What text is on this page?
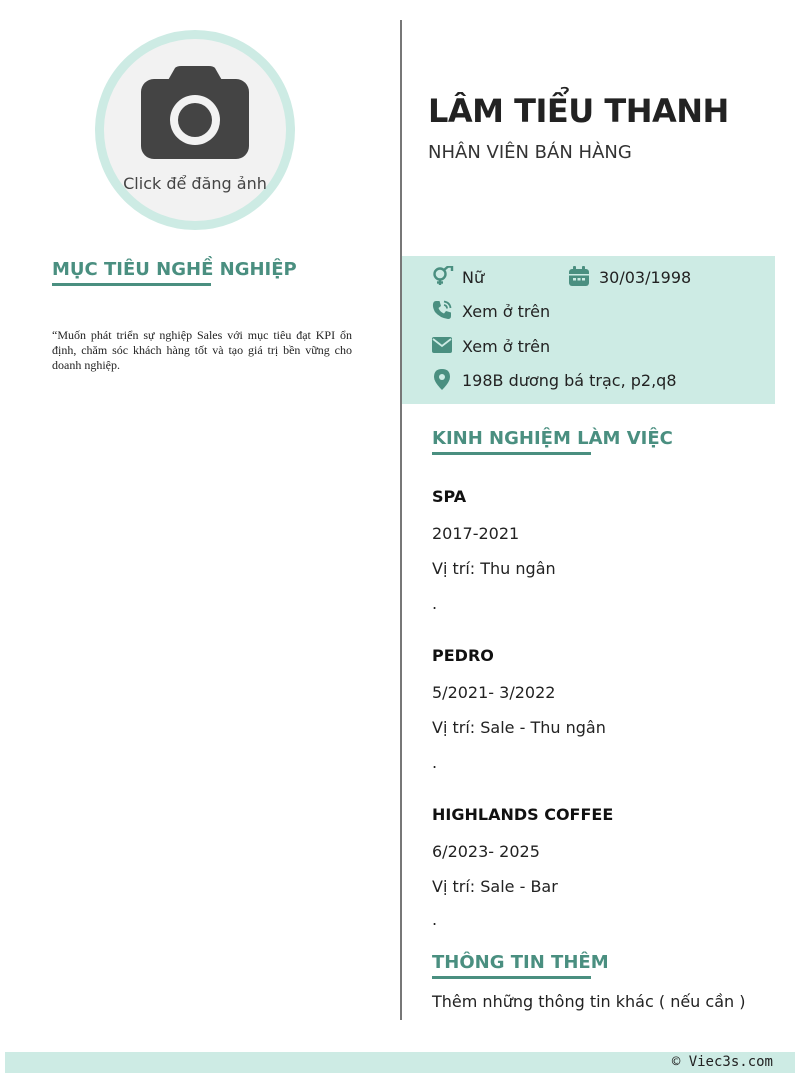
Click để đăng ảnh
MỤC TIÊU NGHỀ NGHIỆP
“Muốn phát triển sự nghiệp Sales với mục tiêu đạt KPI ổn định, chăm sóc khách hàng tốt và tạo giá trị bền vững cho doanh nghiệp.
LÂM TIỂU THANH
NHÂN VIÊN BÁN HÀNG
Nữ	30/03/1998
Xem ở trên
Xem ở trên
198B dương bá trạc, p2,q8
KINH NGHIỆM LÀM VIỆC
SPA
2017-2021
Vị trí: Thu ngân
.
PEDRO
5/2021- 3/2022
Vị trí: Sale - Thu ngân
.
HIGHLANDS COFFEE
6/2023- 2025
Vị trí: Sale - Bar
.
THÔNG TIN THÊM
Thêm những thông tin khác ( nếu cần )
© Viec3s.com
